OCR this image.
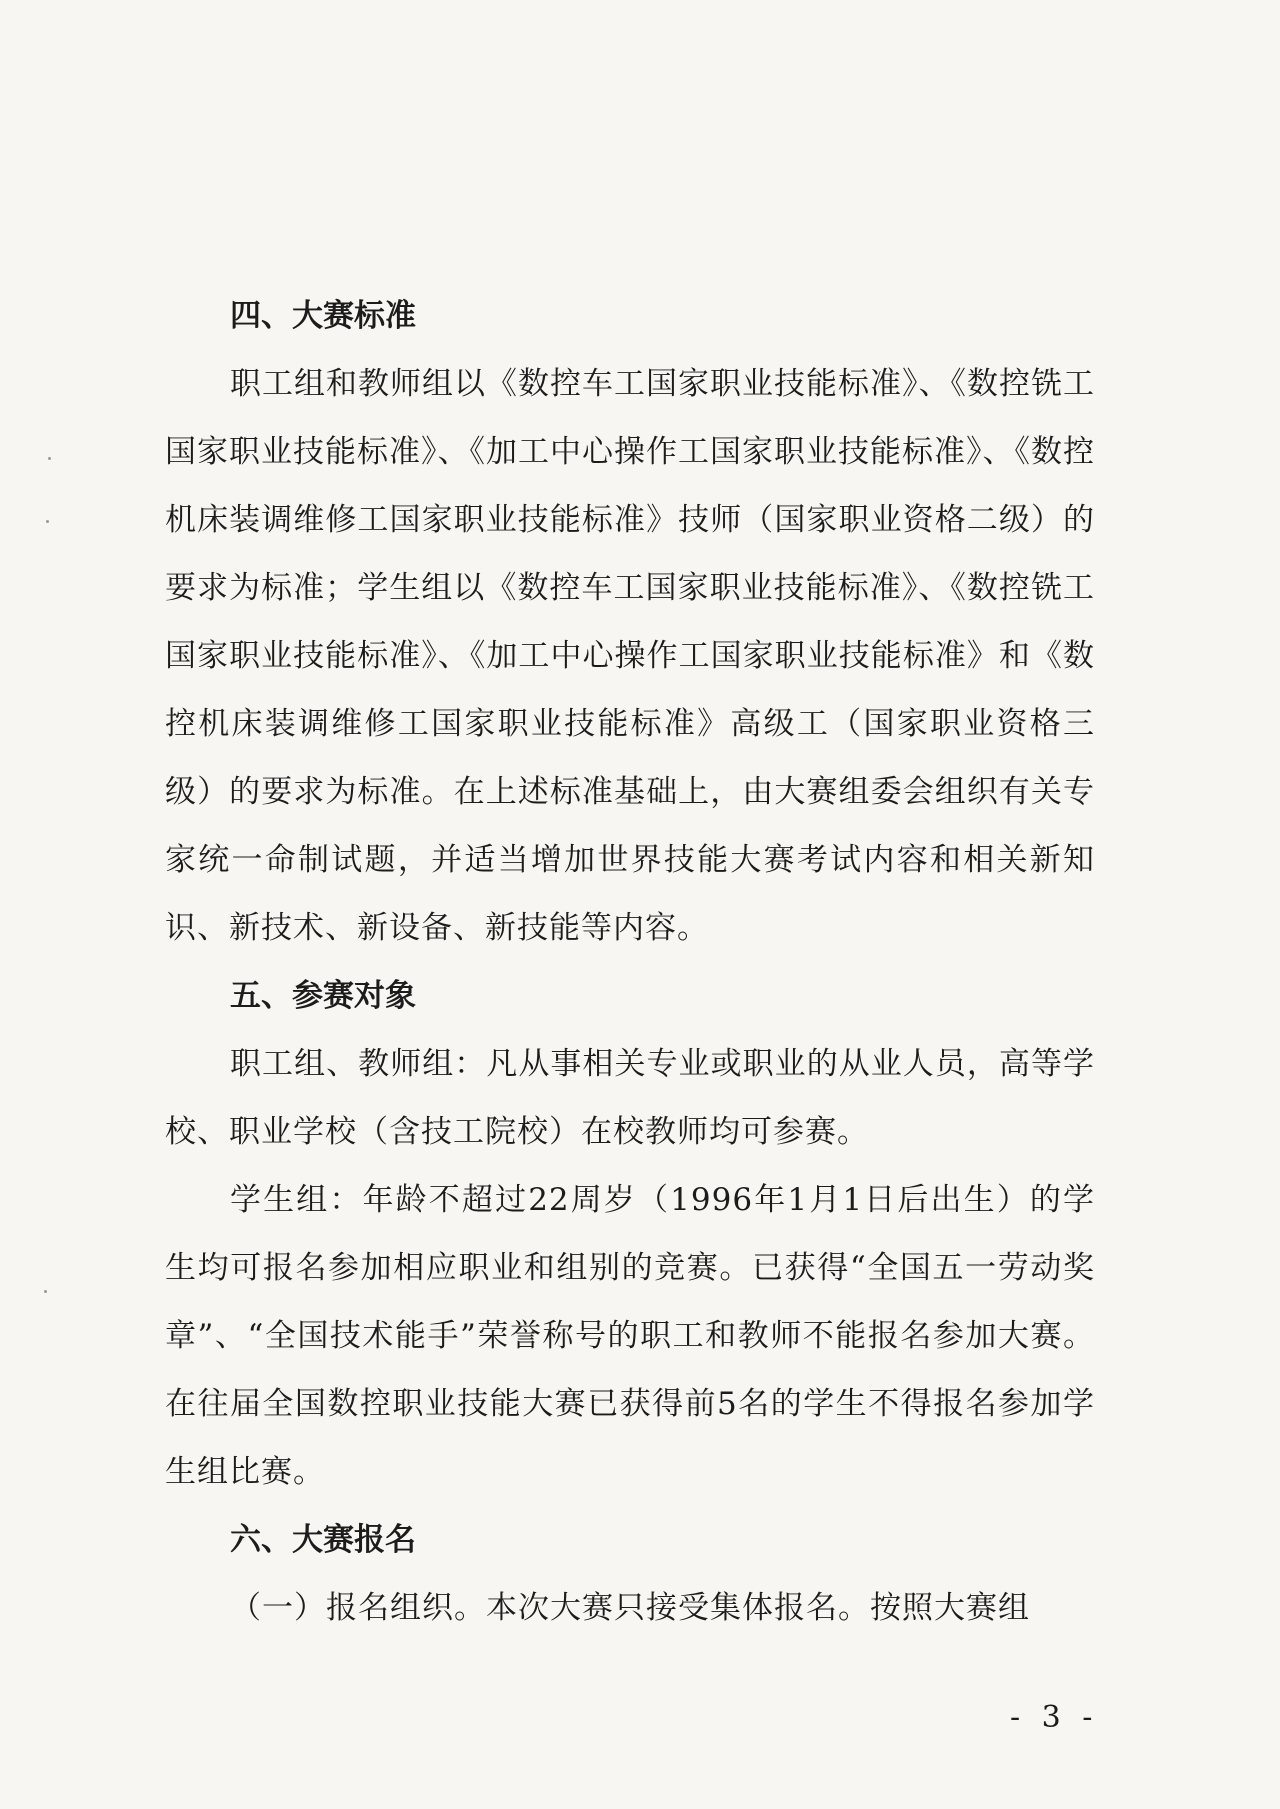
四、大赛标准

职工组和教师组以《数控车工国家职业技能标准》、《数控铣工国家职业技能标准》、《加工中心操作工国家职业技能标准》、《数控机床装调维修工国家职业技能标准》技师（国家职业资格二级）的要求为标准；学生组以《数控车工国家职业技能标准》、《数控铣工国家职业技能标准》、《加工中心操作工国家职业技能标准》和《数控机床装调维修工国家职业技能标准》高级工（国家职业资格三级）的要求为标准。在上述标准基础上，由大赛组委会组织有关专家统一命制试题，并适当增加世界技能大赛考试内容和相关新知识、新技术、新设备、新技能等内容。

五、参赛对象

职工组、教师组：凡从事相关专业或职业的从业人员，高等学校、职业学校（含技工院校）在校教师均可参赛。

学生组：年龄不超过22周岁（1996年1月1日后出生）的学生均可报名参加相应职业和组别的竞赛。已获得“全国五一劳动奖章”、“全国技术能手”荣誉称号的职工和教师不能报名参加大赛。在往届全国数控职业技能大赛已获得前5名的学生不得报名参加学生组比赛。

六、大赛报名

（一）报名组织。本次大赛只接受集体报名。按照大赛组

- 3 -
